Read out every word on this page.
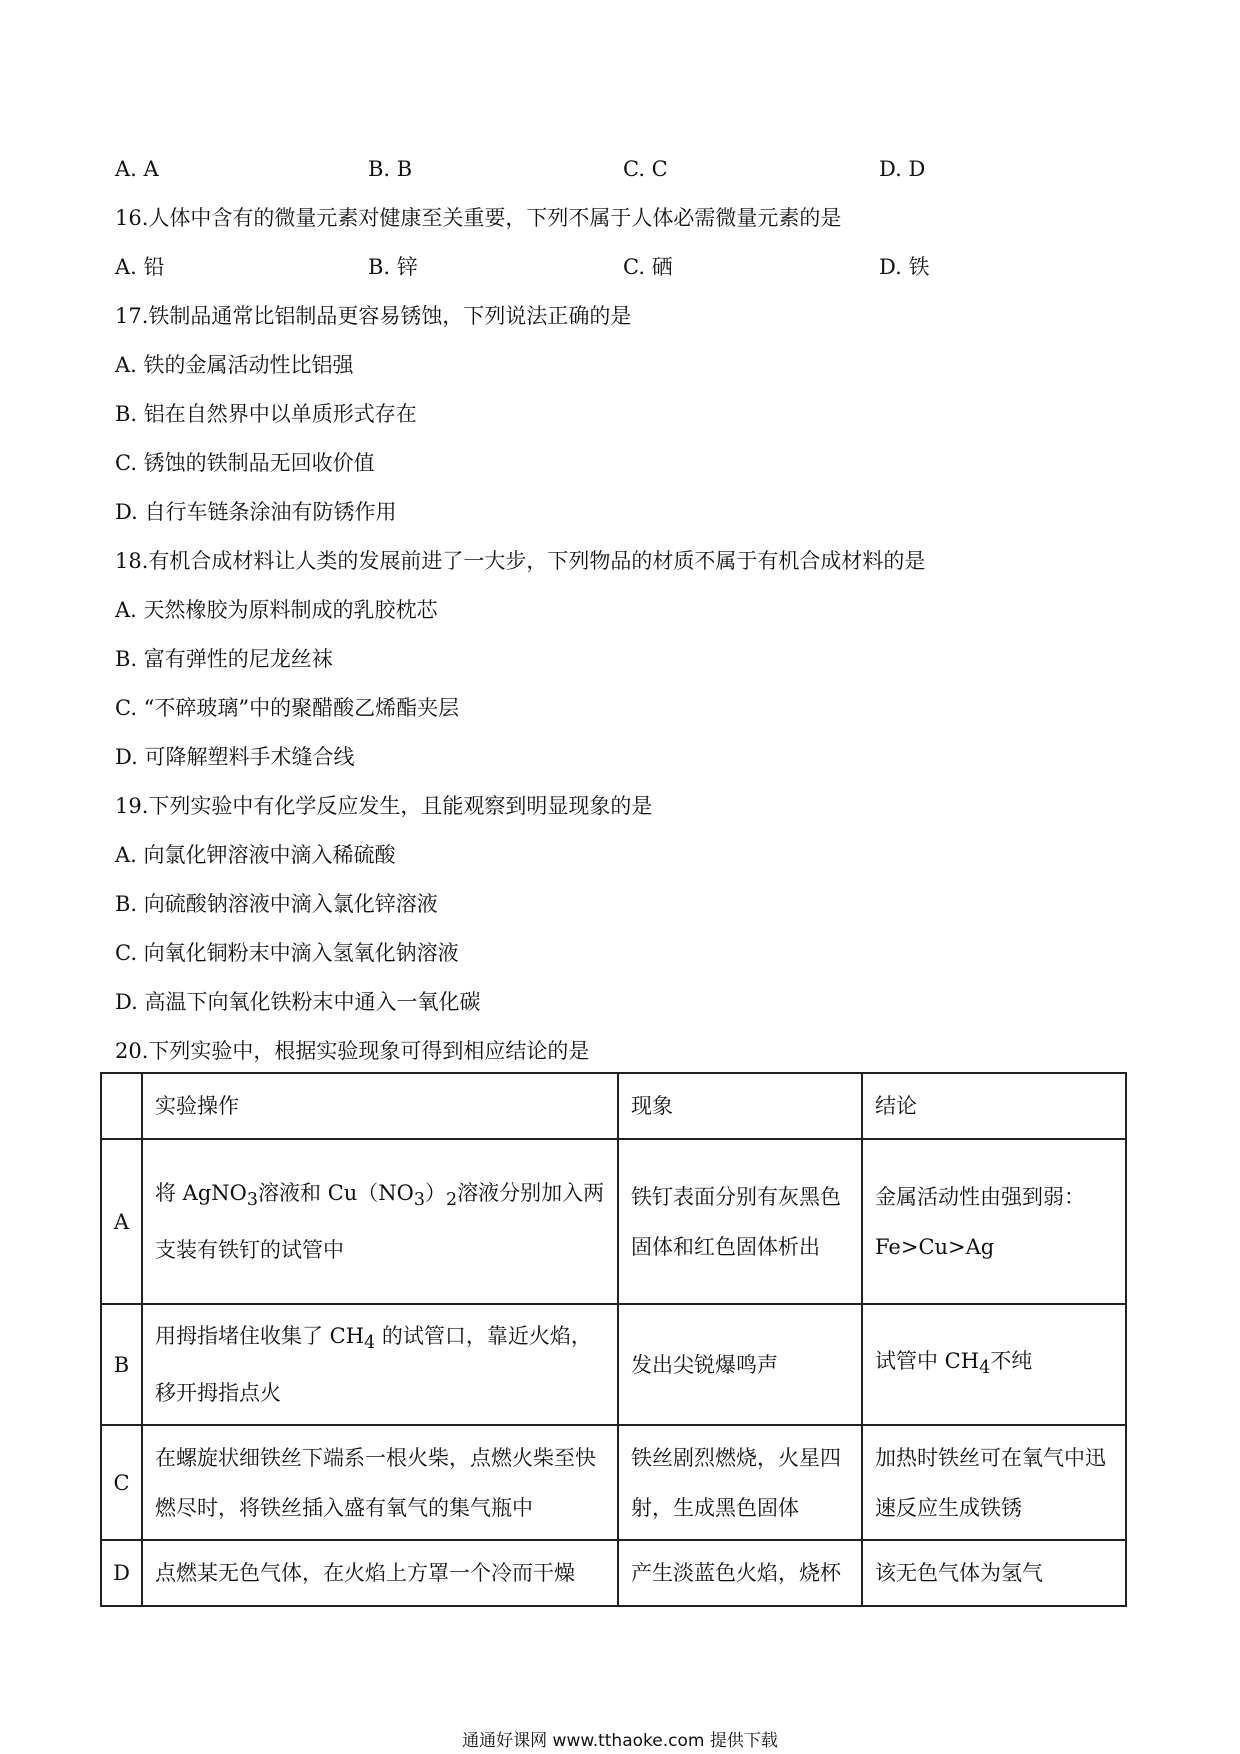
A. A	B. B	C. C	D. D
16.人体中含有的微量元素对健康至关重要，下列不属于人体必需微量元素的是
A. 铅	B. 锌	C. 硒	D. 铁
17.铁制品通常比铝制品更容易锈蚀，下列说法正确的是
A. 铁的金属活动性比铝强
B. 铝在自然界中以单质形式存在
C. 锈蚀的铁制品无回收价值
D. 自行车链条涂油有防锈作用
18.有机合成材料让人类的发展前进了一大步，下列物品的材质不属于有机合成材料的是
A. 天然橡胶为原料制成的乳胶枕芯
B. 富有弹性的尼龙丝袜
C. “不碎玻璃”中的聚醋酸乙烯酯夹层
D. 可降解塑料手术缝合线
19.下列实验中有化学反应发生，且能观察到明显现象的是
A. 向氯化钾溶液中滴入稀硫酸
B. 向硫酸钠溶液中滴入氯化锌溶液
C. 向氧化铜粉末中滴入氢氧化钠溶液
D. 高温下向氧化铁粉末中通入一氧化碳
20.下列实验中，根据实验现象可得到相应结论的是
	实验操作	现象	结论
A	将 AgNO$_3$溶液和 $Cu(NO_3)_2$溶液分别加入两支装有铁钉的试管中	铁钉表面分别有灰黑色固体和红色固体析出	金属活动性由强到弱：
Fe>Cu>Ag
B	用拇指堵住收集了 $CH_4$ 的试管口，靠近火焰，移开拇指点火	发出尖锐爆鸣声	试管中 $CH_4$不纯
C	在螺旋状细铁丝下端系一根火柴，点燃火柴至快燃尽时，将铁丝插入盛有氧气的集气瓶中	铁丝剧烈燃烧，火星四射，生成黑色固体	加热时铁丝可在氧气中迅速反应生成铁锈
D	点燃某无色气体，在火焰上方罩一个冷而干燥	产生淡蓝色火焰，烧杯	该无色气体为氢气
通通好课网 www.tthaoke.com 提供下载
